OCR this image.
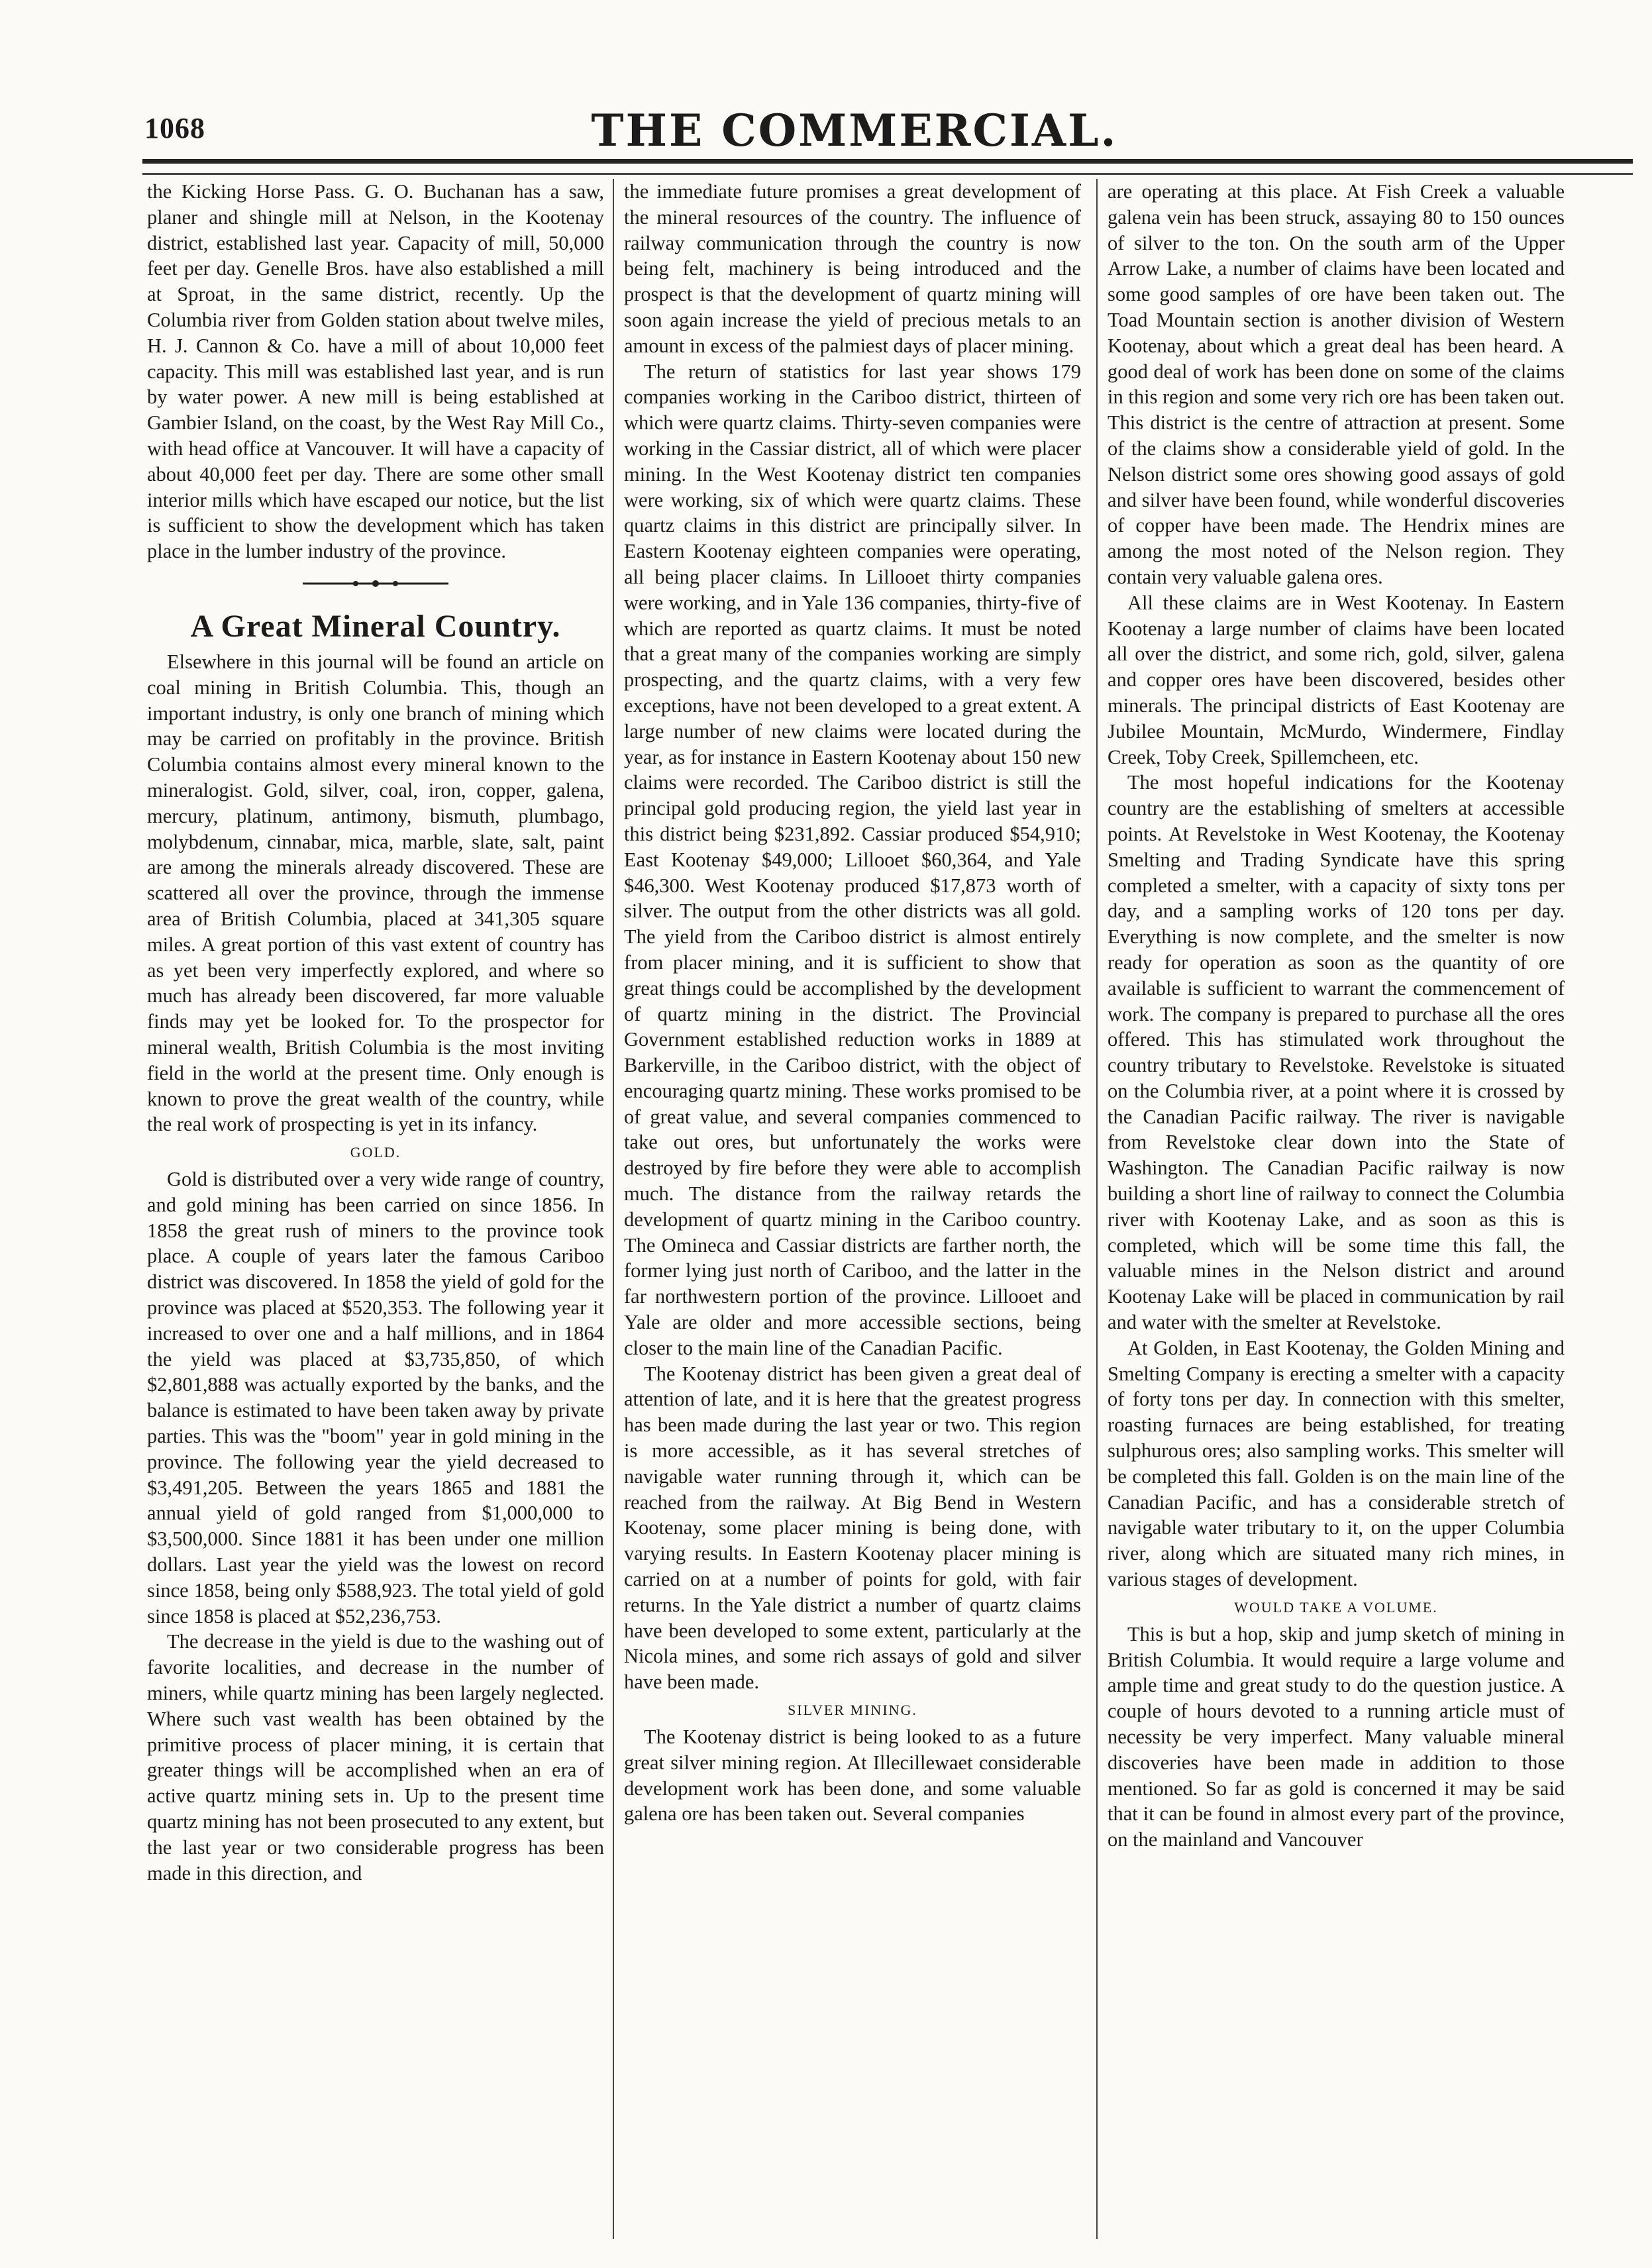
1068	THE COMMERCIAL.

the Kicking Horse Pass. G. O. Buchanan has a saw, planer and shingle mill at Nelson, in the Kootenay district, established last year. Capacity of mill, 50,000 feet per day. Genelle Bros. have also established a mill at Sproat, in the same district, recently. Up the Columbia river from Golden station about twelve miles, H. J. Cannon & Co. have a mill of about 10,000 feet capacity. This mill was established last year, and is run by water power. A new mill is being established at Gambier Island, on the coast, by the West Ray Mill Co., with head office at Vancouver. It will have a capacity of about 40,000 feet per day. There are some other small interior mills which have escaped our notice, but the list is sufficient to show the development which has taken place in the lumber industry of the province.

A Great Mineral Country.

Elsewhere in this journal will be found an article on coal mining in British Columbia. This, though an important industry, is only one branch of mining which may be carried on profitably in the province. British Columbia contains almost every mineral known to the mineralogist. Gold, silver, coal, iron, copper, galena, mercury, platinum, antimony, bismuth, plumbago, molybdenum, cinnabar, mica, marble, slate, salt, paint are among the minerals already discovered. These are scattered all over the province, through the immense area of British Columbia, placed at 341,305 square miles. A great portion of this vast extent of country has as yet been very imperfectly explored, and where so much has already been discovered, far more valuable finds may yet be looked for. To the prospector for mineral wealth, British Columbia is the most inviting field in the world at the present time. Only enough is known to prove the great wealth of the country, while the real work of prospecting is yet in its infancy.

GOLD.

Gold is distributed over a very wide range of country, and gold mining has been carried on since 1856. In 1858 the great rush of miners to the province took place. A couple of years later the famous Cariboo district was discovered. In 1858 the yield of gold for the province was placed at $520,353. The following year it increased to over one and a half millions, and in 1864 the yield was placed at $3,735,850, of which $2,801,888 was actually exported by the banks, and the balance is estimated to have been taken away by private parties. This was the "boom" year in gold mining in the province. The following year the yield decreased to $3,491,205. Between the years 1865 and 1881 the annual yield of gold ranged from $1,000,000 to $3,500,000. Since 1881 it has been under one million dollars. Last year the yield was the lowest on record since 1858, being only $588,923. The total yield of gold since 1858 is placed at $52,236,753.

The decrease in the yield is due to the washing out of favorite localities, and decrease in the number of miners, while quartz mining has been largely neglected. Where such vast wealth has been obtained by the primitive process of placer mining, it is certain that greater things will be accomplished when an era of active quartz mining sets in. Up to the present time quartz mining has not been prosecuted to any extent, but the last year or two considerable progress has been made in this direction, and

the immediate future promises a great development of the mineral resources of the country. The influence of railway communication through the country is now being felt, machinery is being introduced and the prospect is that the development of quartz mining will soon again increase the yield of precious metals to an amount in excess of the palmiest days of placer mining.

The return of statistics for last year shows 179 companies working in the Cariboo district, thirteen of which were quartz claims. Thirty-seven companies were working in the Cassiar district, all of which were placer mining. In the West Kootenay district ten companies were working, six of which were quartz claims. These quartz claims in this district are principally silver. In Eastern Kootenay eighteen companies were operating, all being placer claims. In Lillooet thirty companies were working, and in Yale 136 companies, thirty-five of which are reported as quartz claims. It must be noted that a great many of the companies working are simply prospecting, and the quartz claims, with a very few exceptions, have not been developed to a great extent. A large number of new claims were located during the year, as for instance in Eastern Kootenay about 150 new claims were recorded. The Cariboo district is still the principal gold producing region, the yield last year in this district being $231,892. Cassiar produced $54,910; East Kootenay $49,000; Lillooet $60,364, and Yale $46,300. West Kootenay produced $17,873 worth of silver. The output from the other districts was all gold. The yield from the Cariboo district is almost entirely from placer mining, and it is sufficient to show that great things could be accomplished by the development of quartz mining in the district. The Provincial Government established reduction works in 1889 at Barkerville, in the Cariboo district, with the object of encouraging quartz mining. These works promised to be of great value, and several companies commenced to take out ores, but unfortunately the works were destroyed by fire before they were able to accomplish much. The distance from the railway retards the development of quartz mining in the Cariboo country. The Omineca and Cassiar districts are farther north, the former lying just north of Cariboo, and the latter in the far northwestern portion of the province. Lillooet and Yale are older and more accessible sections, being closer to the main line of the Canadian Pacific.

The Kootenay district has been given a great deal of attention of late, and it is here that the greatest progress has been made during the last year or two. This region is more accessible, as it has several stretches of navigable water running through it, which can be reached from the railway. At Big Bend in Western Kootenay, some placer mining is being done, with varying results. In Eastern Kootenay placer mining is carried on at a number of points for gold, with fair returns. In the Yale district a number of quartz claims have been developed to some extent, particularly at the Nicola mines, and some rich assays of gold and silver have been made.

SILVER MINING.

The Kootenay district is being looked to as a future great silver mining region. At Illecillewaet considerable development work has been done, and some valuable galena ore has been taken out. Several companies

are operating at this place. At Fish Creek a valuable galena vein has been struck, assaying 80 to 150 ounces of silver to the ton. On the south arm of the Upper Arrow Lake, a number of claims have been located and some good samples of ore have been taken out. The Toad Mountain section is another division of Western Kootenay, about which a great deal has been heard. A good deal of work has been done on some of the claims in this region and some very rich ore has been taken out. This district is the centre of attraction at present. Some of the claims show a considerable yield of gold. In the Nelson district some ores showing good assays of gold and silver have been found, while wonderful discoveries of copper have been made. The Hendrix mines are among the most noted of the Nelson region. They contain very valuable galena ores.

All these claims are in West Kootenay. In Eastern Kootenay a large number of claims have been located all over the district, and some rich, gold, silver, galena and copper ores have been discovered, besides other minerals. The principal districts of East Kootenay are Jubilee Mountain, McMurdo, Windermere, Findlay Creek, Toby Creek, Spillemcheen, etc.

The most hopeful indications for the Kootenay country are the establishing of smelters at accessible points. At Revelstoke in West Kootenay, the Kootenay Smelting and Trading Syndicate have this spring completed a smelter, with a capacity of sixty tons per day, and a sampling works of 120 tons per day. Everything is now complete, and the smelter is now ready for operation as soon as the quantity of ore available is sufficient to warrant the commencement of work. The company is prepared to purchase all the ores offered. This has stimulated work throughout the country tributary to Revelstoke. Revelstoke is situated on the Columbia river, at a point where it is crossed by the Canadian Pacific railway. The river is navigable from Revelstoke clear down into the State of Washington. The Canadian Pacific railway is now building a short line of railway to connect the Columbia river with Kootenay Lake, and as soon as this is completed, which will be some time this fall, the valuable mines in the Nelson district and around Kootenay Lake will be placed in communication by rail and water with the smelter at Revelstoke.

At Golden, in East Kootenay, the Golden Mining and Smelting Company is erecting a smelter with a capacity of forty tons per day. In connection with this smelter, roasting furnaces are being established, for treating sulphurous ores; also sampling works. This smelter will be completed this fall. Golden is on the main line of the Canadian Pacific, and has a considerable stretch of navigable water tributary to it, on the upper Columbia river, along which are situated many rich mines, in various stages of development.

WOULD TAKE A VOLUME.

This is but a hop, skip and jump sketch of mining in British Columbia. It would require a large volume and ample time and great study to do the question justice. A couple of hours devoted to a running article must of necessity be very imperfect. Many valuable mineral discoveries have been made in addition to those mentioned. So far as gold is concerned it may be said that it can be found in almost every part of the province, on the mainland and Vancouver
